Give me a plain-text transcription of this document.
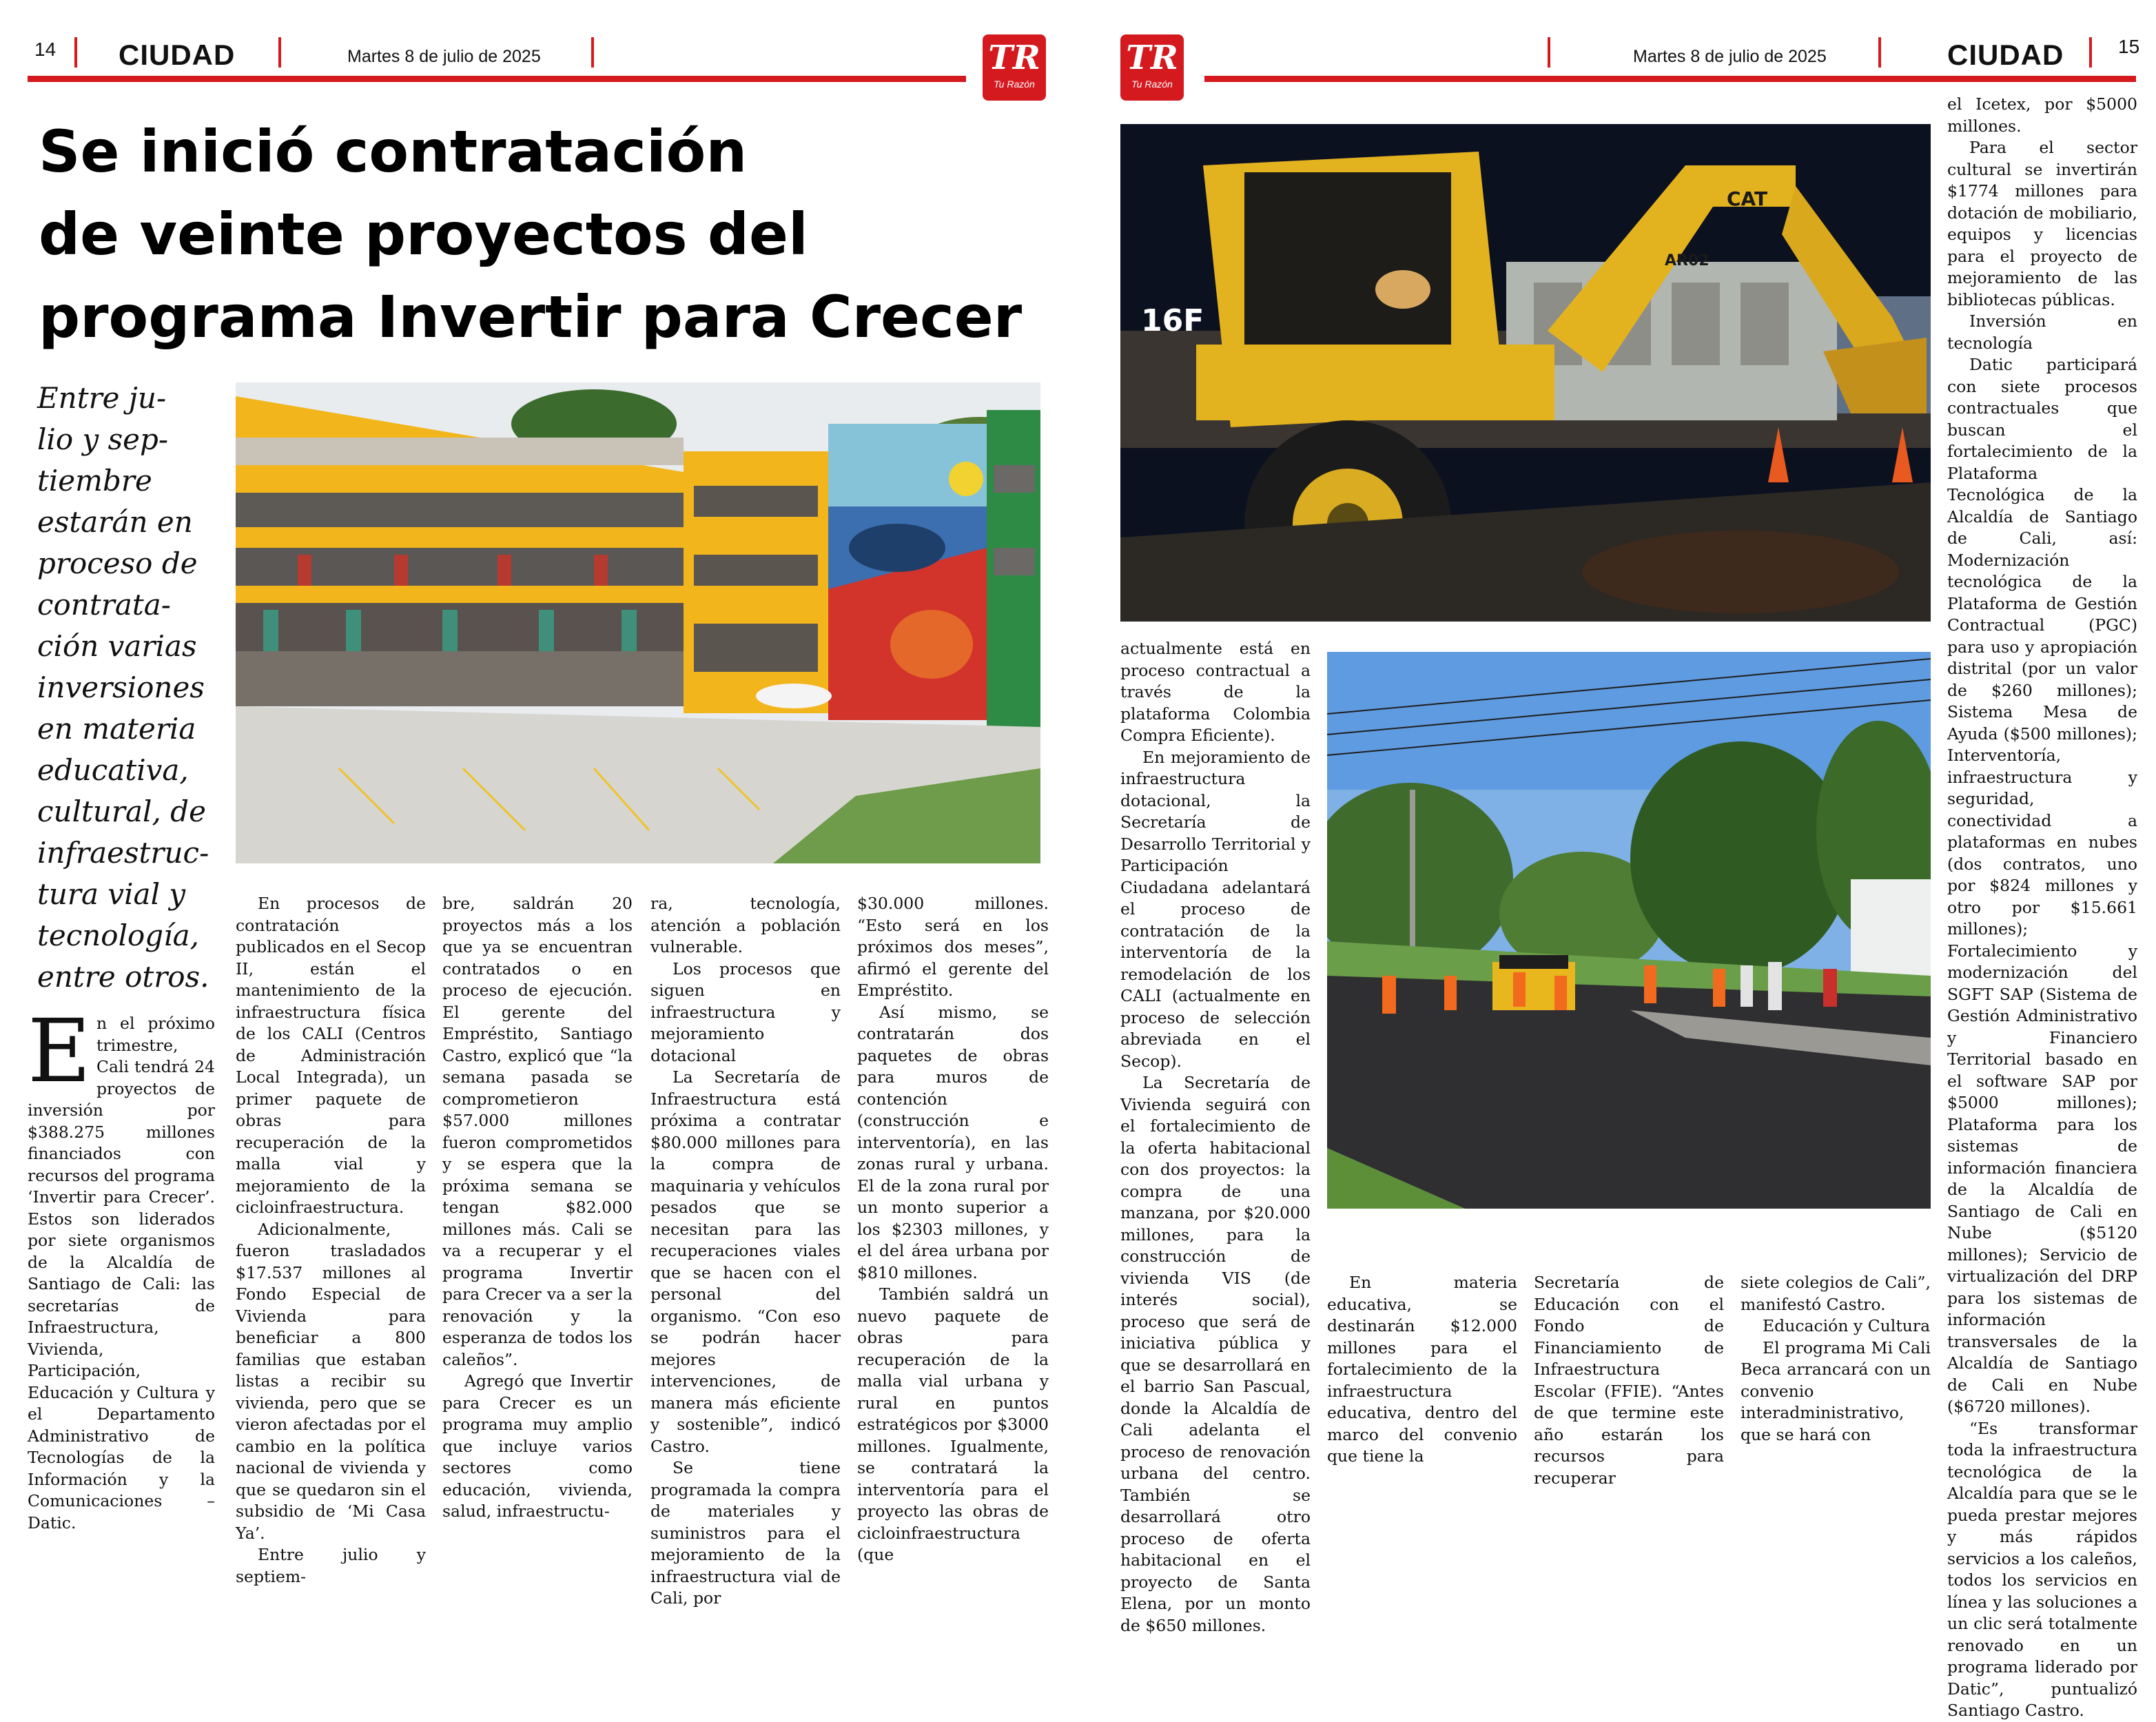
14 CIUDAD	Martes 8 de julio de 2025	TR
Tu Razón
TR
Tu Razón
Martes 8 de julio de 2025	CIUDAD	15
Se inició contratación
de veinte proyectos del
programa Invertir para Crecer
Entre ju-
lio y sep-
tiembre
estarán en
proceso de
contrata-
ción varias
inversiones
en materia
educativa,
cultural, de
infraestruc-
tura vial y
tecnología,
entre otros.
E n el próximo trimestre, Cali tendrá 24 proyectos de inversión por $388.275 millones financiados con recursos del programa ‘Invertir para Crecer’. Estos son liderados por siete organismos de la Alcaldía de Santiago de Cali: las secretarías de Infraestructura, Vivienda, Participación, Educación y Cultura y el Departamento Administrativo de Tecnologías de la Información y la Comunicaciones – Datic.

En procesos de contratación publicados en el Secop II, están el mantenimiento de la infraestructura física de los CALI (Centros de Administración Local Integrada), un primer paquete de obras para recuperación de la malla vial y mejoramiento de la cicloinfraestructura.

Adicionalmente, fueron trasladados $17.537 millones al Fondo Especial de Vivienda para beneficiar a 800 familias que estaban listas a recibir su vivienda, pero que se vieron afectadas por el cambio en la política nacional de vivienda y que se quedaron sin el subsidio de ‘Mi Casa Ya’.

Entre julio y septiem-

bre, saldrán 20 proyectos más a los que ya se encuentran contratados o en proceso de ejecución. El gerente del Empréstito, Santiago Castro, explicó que “la semana pasada se comprometieron $57.000 millones fueron comprometidos y se espera que la próxima semana se tengan $82.000 millones más. Cali se va a recuperar y el programa Invertir para Crecer va a ser la renovación y la esperanza de todos los caleños”.

Agregó que Invertir para Crecer es un programa muy amplio que incluye varios sectores como educación, vivienda, salud, infraestructu-

ra, tecnología, atención a población vulnerable.

Los procesos que siguen en infraestructura y mejoramiento dotacional

La Secretaría de Infraestructura está próxima a contratar $80.000 millones para la compra de maquinaria y vehículos pesados que se necesitan para las recuperaciones viales que se hacen con el personal del organismo. “Con eso se podrán hacer mejores intervenciones, de manera más eficiente y sostenible”, indicó Castro.

Se tiene programada la compra de materiales y suministros para el mejoramiento de la infraestructura vial de Cali, por

$30.000 millones. “Esto será en los próximos dos meses”, afirmó el gerente del Empréstito.

Así mismo, se contratarán dos paquetes de obras para muros de contención (construcción e interventoría), en las zonas rural y urbana. El de la zona rural por un monto superior a los $2303 millones, y el del área urbana por $810 millones.

También saldrá un nuevo paquete de obras para recuperación de la malla vial urbana y rural en puntos estratégicos por $3000 millones. Igualmente, se contratará la interventoría para el proyecto las obras de cicloinfraestructura (que

16F
CAT
AR02

actualmente está en proceso contractual a través de la plataforma Colombia Compra Eficiente).

En mejoramiento de infraestructura dotacional, la Secretaría de Desarrollo Territorial y Participación Ciudadana adelantará el proceso de contratación de la interventoría de la remodelación de los CALI (actualmente en proceso de selección abreviada en el Secop).

La Secretaría de Vivienda seguirá con el fortalecimiento de la oferta habitacional con dos proyectos: la compra de una manzana, por $20.000 millones, para la construcción de vivienda VIS (de interés social), proceso que será de iniciativa pública y que se desarrollará en el barrio San Pascual, donde la Alcaldía de Cali adelanta el proceso de renovación urbana del centro. También se desarrollará otro proceso de oferta habitacional en el proyecto de Santa Elena, por un monto de $650 millones.

En materia educativa, se destinarán $12.000 millones para el fortalecimiento de la infraestructura educativa, dentro del marco del convenio que tiene la

Secretaría de Educación con el Fondo de Financiamiento de Infraestructura Escolar (FFIE). “Antes de que termine este año estarán los recursos para recuperar

siete colegios de Cali”, manifestó Castro.

Educación y Cultura

El programa Mi Cali Beca arrancará con un convenio interadministrativo, que se hará con

el Icetex, por $5000 millones.

Para el sector cultural se invertirán $1774 millones para dotación de mobiliario, equipos y licencias para el proyecto de mejoramiento de las bibliotecas públicas.

Inversión en tecnología

Datic participará con siete procesos contractuales que buscan el fortalecimiento de la Plataforma Tecnológica de la Alcaldía de Santiago de Cali, así: Modernización tecnológica de la Plataforma de Gestión Contractual (PGC) para uso y apropiación distrital (por un valor de $260 millones); Sistema Mesa de Ayuda ($500 millones); Interventoría, infraestructura y seguridad, conectividad a plataformas en nubes (dos contratos, uno por $824 millones y otro por $15.661 millones); Fortalecimiento y modernización del SGFT SAP (Sistema de Gestión Administrativo y Financiero Territorial basado en el software SAP por $5000 millones); Plataforma para los sistemas de información financiera de la Alcaldía de Santiago de Cali en Nube ($5120 millones); Servicio de virtualización del DRP para los sistemas de información transversales de la Alcaldía de Santiago de Cali en Nube ($6720 millones).

“Es transformar toda la infraestructura tecnológica de la Alcaldía para que se le pueda prestar mejores y más rápidos servicios a los caleños, todos los servicios en línea y las soluciones a un clic será totalmente renovado en un programa liderado por Datic”, puntualizó Santiago Castro.
